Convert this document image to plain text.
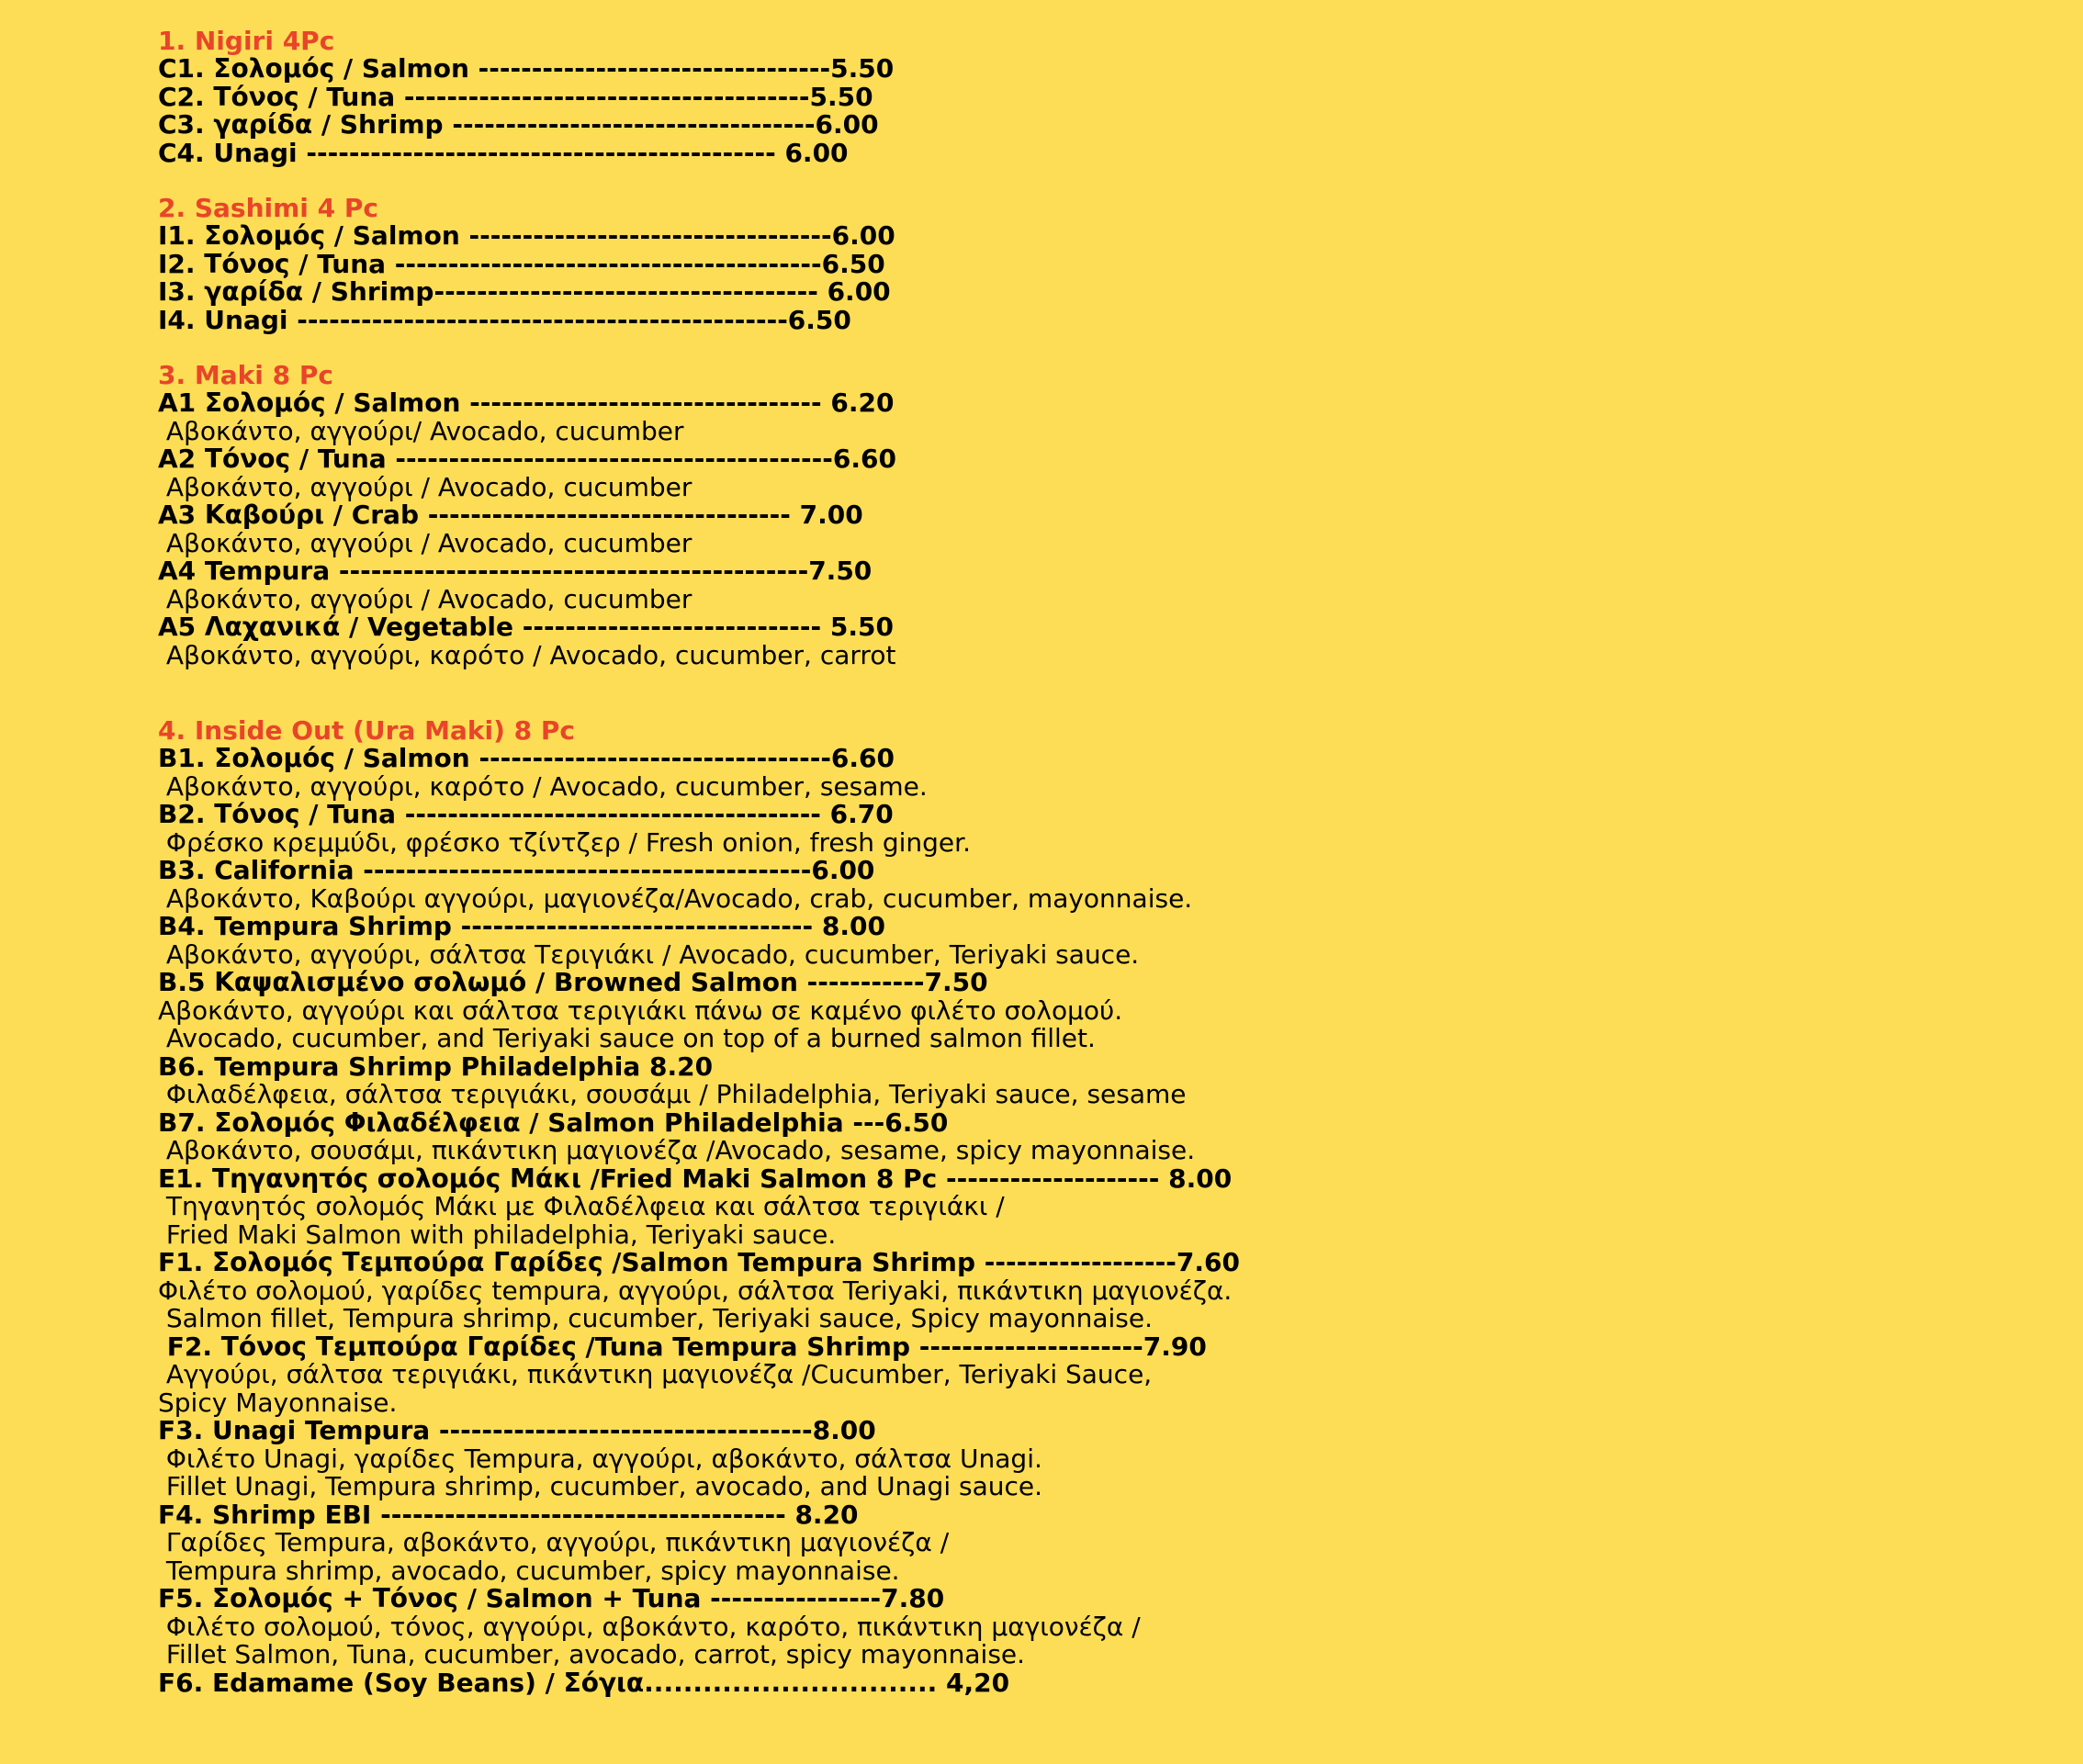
1. Nigiri 4Pc
C1. Σολομός / Salmon ---------------------------------5.50
C2. Τόνος / Tuna --------------------------------------5.50
C3. γαρίδα / Shrimp ----------------------------------6.00
C4. Unagi -------------------------------------------- 6.00
2. Sashimi 4 Pc
I1. Σολομός / Salmon ----------------------------------6.00
I2. Τόνος / Tuna ----------------------------------------6.50
I3. γαρίδα / Shrimp------------------------------------ 6.00
I4. Unagi ----------------------------------------------6.50
3. Maki 8 Pc
A1 Σολομός / Salmon --------------------------------- 6.20
Αβοκάντο, αγγούρι/ Avocado, cucumber
A2 Τόνος / Tuna -----------------------------------------6.60
Αβοκάντο, αγγούρι / Avocado, cucumber
A3 Καβούρι / Crab ---------------------------------- 7.00
Αβοκάντο, αγγούρι / Avocado, cucumber
A4 Tempura --------------------------------------------7.50
Αβοκάντο, αγγούρι / Avocado, cucumber
A5 Λαχανικά / Vegetable ---------------------------- 5.50
Αβοκάντο, αγγούρι, καρότο / Avocado, cucumber, carrot
4. Inside Out (Ura Maki) 8 Pc
B1. Σολομός / Salmon ---------------------------------6.60
Αβοκάντο, αγγούρι, καρότο / Avocado, cucumber, sesame.
B2. Τόνος / Tuna --------------------------------------- 6.70
Φρέσκο κρεμμύδι, φρέσκο τζίντζερ / Fresh onion, fresh ginger.
B3. California ------------------------------------------6.00
Αβοκάντο, Καβούρι αγγούρι, μαγιονέζα/Avocado, crab, cucumber, mayonnaise.
B4. Tempura Shrimp --------------------------------- 8.00
Αβοκάντο, αγγούρι, σάλτσα Τεριγιάκι / Avocado, cucumber, Teriyaki sauce.
B.5 Καψαλισμένο σολωμό / Browned Salmon -----------7.50
Αβοκάντο, αγγούρι και σάλτσα τεριγιάκι πάνω σε καμένο φιλέτο σολομού.
Avocado, cucumber, and Teriyaki sauce on top of a burned salmon fillet.
B6. Tempura Shrimp Philadelphia 8.20
Φιλαδέλφεια, σάλτσα τεριγιάκι, σουσάμι / Philadelphia, Teriyaki sauce, sesame
B7. Σολομός Φιλαδέλφεια / Salmon Philadelphia ---6.50
Αβοκάντο, σουσάμι, πικάντικη μαγιονέζα /Avocado, sesame, spicy mayonnaise.
E1. Τηγανητός σολομός Μάκι /Fried Maki Salmon 8 Pc -------------------- 8.00
Τηγανητός σολομός Μάκι με Φιλαδέλφεια και σάλτσα τεριγιάκι /
Fried Maki Salmon with philadelphia, Teriyaki sauce.
F1. Σολομός Τεμπούρα Γαρίδες /Salmon Tempura Shrimp ------------------7.60
Φιλέτο σολομού, γαρίδες tempura, αγγούρι, σάλτσα Teriyaki, πικάντικη μαγιονέζα.
Salmon fillet, Tempura shrimp, cucumber, Teriyaki sauce, Spicy mayonnaise.
F2. Τόνος Τεμπούρα Γαρίδες /Tuna Tempura Shrimp ---------------------7.90
Αγγούρι, σάλτσα τεριγιάκι, πικάντικη μαγιονέζα /Cucumber, Teriyaki Sauce,
Spicy Mayonnaise.
F3. Unagi Tempura -----------------------------------8.00
Φιλέτο Unagi, γαρίδες Tempura, αγγούρι, αβοκάντο, σάλτσα Unagi.
Fillet Unagi, Tempura shrimp, cucumber, avocado, and Unagi sauce.
F4. Shrimp EBI -------------------------------------- 8.20
Γαρίδες Tempura, αβοκάντο, αγγούρι, πικάντικη μαγιονέζα /
Tempura shrimp, avocado, cucumber, spicy mayonnaise.
F5. Σολομός + Τόνος / Salmon + Tuna ----------------7.80
Φιλέτο σολομού, τόνος, αγγούρι, αβοκάντο, καρότο, πικάντικη μαγιονέζα /
Fillet Salmon, Tuna, cucumber, avocado, carrot, spicy mayonnaise.
F6. Edamame (Soy Beans) / Σόγια.............................. 4,20
